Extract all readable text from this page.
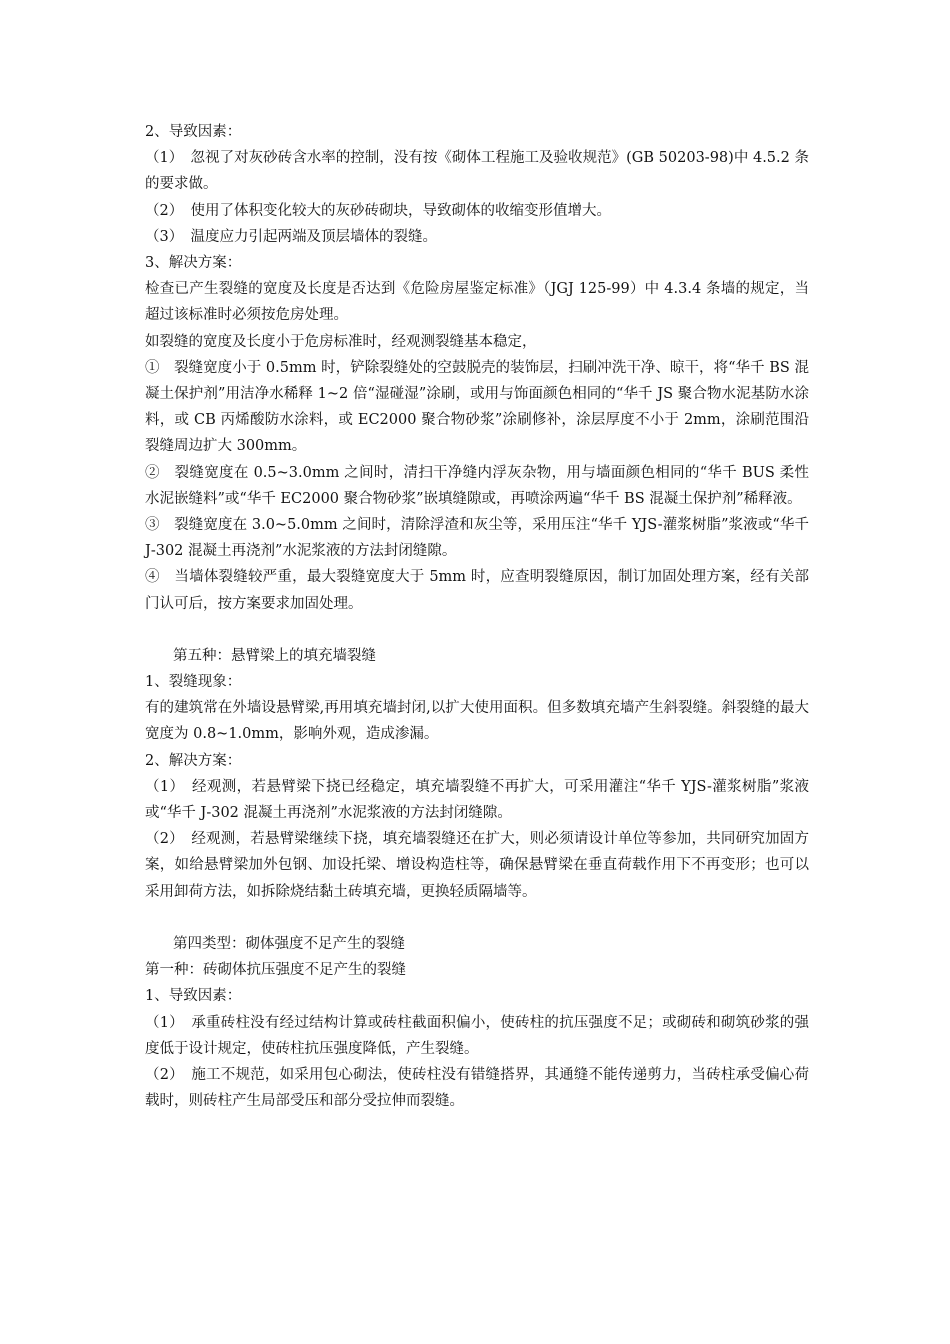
2、导致因素：

（1）　忽视了对灰砂砖含水率的控制，没有按《砌体工程施工及验收规范》(GB 50203-98)中 4.5.2 条的要求做。

（2）　使用了体积变化较大的灰砂砖砌块，导致砌体的收缩变形值增大。

（3）　温度应力引起两端及顶层墙体的裂缝。

3、解决方案：

检查已产生裂缝的宽度及长度是否达到《危险房屋鉴定标准》（JGJ 125-99）中 4.3.4 条墙的规定，当超过该标准时必须按危房处理。

如裂缝的宽度及长度小于危房标准时，经观测裂缝基本稳定，

①　裂缝宽度小于 0.5mm 时，铲除裂缝处的空鼓脱壳的装饰层，扫刷冲洗干净、晾干，将“华千 BS 混凝土保护剂”用洁净水稀释 1~2 倍“湿碰湿”涂刷，或用与饰面颜色相同的“华千 JS 聚合物水泥基防水涂料，或 CB 丙烯酸防水涂料，或 EC2000 聚合物砂浆”涂刷修补，涂层厚度不小于 2mm，涂刷范围沿裂缝周边扩大 300mm。

②　裂缝宽度在 0.5~3.0mm 之间时，清扫干净缝内浮灰杂物，用与墙面颜色相同的“华千 BUS 柔性水泥嵌缝料”或“华千 EC2000 聚合物砂浆”嵌填缝隙或，再喷涂两遍“华千 BS 混凝土保护剂”稀释液。

③　裂缝宽度在 3.0~5.0mm 之间时，清除浮渣和灰尘等，采用压注“华千 YJS-灌浆树脂”浆液或“华千 J-302 混凝土再浇剂”水泥浆液的方法封闭缝隙。

④　当墙体裂缝较严重，最大裂缝宽度大于 5mm 时，应查明裂缝原因，制订加固处理方案，经有关部门认可后，按方案要求加固处理。

第五种：悬臂梁上的填充墙裂缝

1、裂缝现象：

有的建筑常在外墙设悬臂梁,再用填充墙封闭,以扩大使用面积。但多数填充墙产生斜裂缝。斜裂缝的最大宽度为 0.8~1.0mm，影响外观，造成渗漏。

2、解决方案：

（1）　经观测，若悬臂梁下挠已经稳定，填充墙裂缝不再扩大，可采用灌注“华千 YJS-灌浆树脂”浆液或“华千 J-302 混凝土再浇剂”水泥浆液的方法封闭缝隙。

（2）　经观测，若悬臂梁继续下挠，填充墙裂缝还在扩大，则必须请设计单位等参加，共同研究加固方案，如给悬臂梁加外包钢、加设托梁、增设构造柱等，确保悬臂梁在垂直荷载作用下不再变形；也可以采用卸荷方法，如拆除烧结黏土砖填充墙，更换轻质隔墙等。

第四类型：砌体强度不足产生的裂缝

第一种：砖砌体抗压强度不足产生的裂缝

1、导致因素：

（1）　承重砖柱没有经过结构计算或砖柱截面积偏小，使砖柱的抗压强度不足；或砌砖和砌筑砂浆的强度低于设计规定，使砖柱抗压强度降低，产生裂缝。

（2）　施工不规范，如采用包心砌法，使砖柱没有错缝搭界，其通缝不能传递剪力，当砖柱承受偏心荷载时，则砖柱产生局部受压和部分受拉伸而裂缝。
